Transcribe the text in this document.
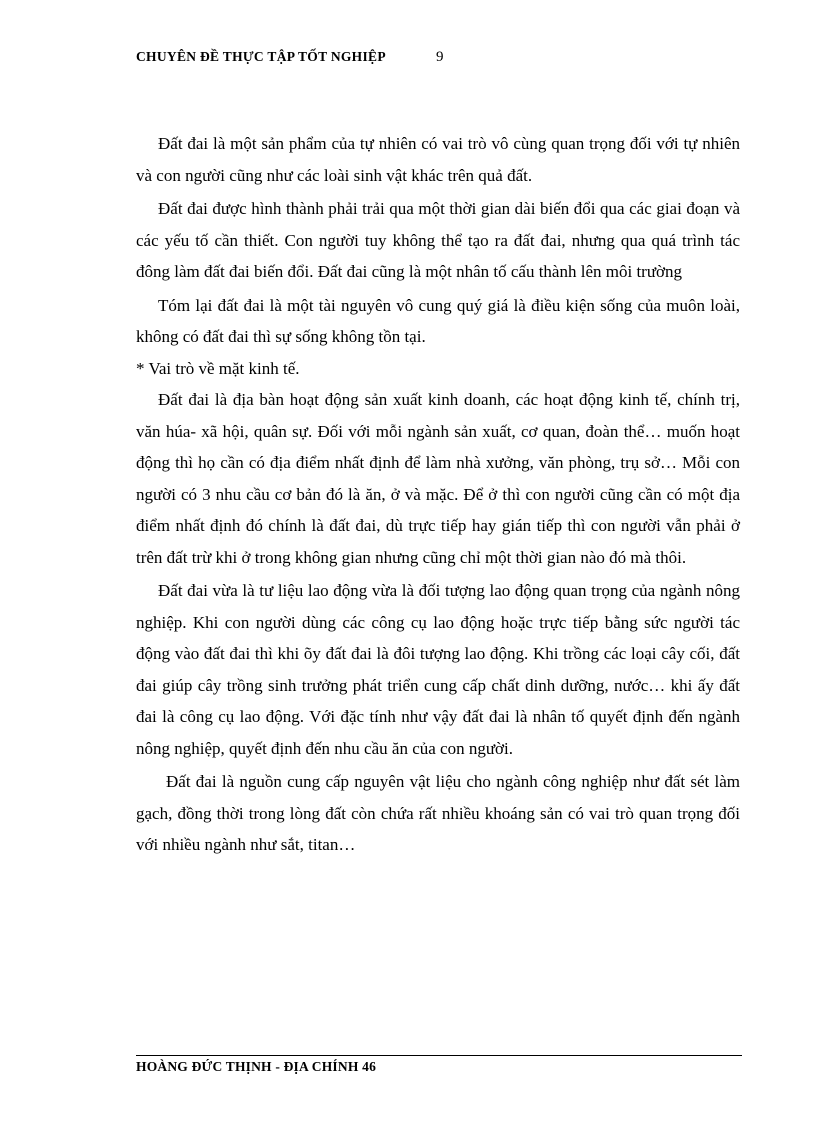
CHUYÊN ĐỀ THỰC TẬP TỐT NGHIỆP	9

Đất đai là một sản phẩm của tự nhiên có vai trò vô cùng quan trọng đối với tự nhiên và con người cũng như các loài sinh vật khác trên quả đất.

Đất đai được hình thành phải trải qua một thời gian dài biến đổi qua các giai đoạn và các yếu tố cần thiết. Con người tuy không thể tạo ra đất đai, nhưng qua quá trình tác đông làm đất đai biến đổi. Đất đai cũng là một nhân tố cấu thành lên môi trường

Tóm lại đất đai là một tài nguyên vô cung quý giá là điều kiện sống của muôn loài, không có đất đai thì sự sống không tồn tại.

* Vai trò về mặt kinh tế.

Đất đai là địa bàn hoạt động sản xuất kinh doanh, các hoạt động kinh tế, chính trị, văn húa- xã hội, quân sự. Đối với mỗi ngành sản xuất, cơ quan, đoàn thể… muốn hoạt động thì họ cần có địa điểm nhất định để làm nhà xưởng, văn phòng, trụ sở… Mỗi con người có 3 nhu cầu cơ bản đó là ăn, ở và mặc. Để ở thì con người cũng cần có một địa điểm nhất định đó chính là đất đai, dù trực tiếp hay gián tiếp thì con người vẫn phải ở trên đất trừ khi ở trong không gian nhưng cũng chỉ một thời gian nào đó mà thôi.

Đất đai vừa là tư liệu lao động vừa là đối tượng lao động quan trọng của ngành nông nghiệp. Khi con người dùng các công cụ lao động hoặc trực tiếp bằng sức người tác động vào đất đai thì khi õy đất đai là đôi tượng lao động. Khi trồng các loại cây cối, đất đai giúp cây trồng sinh trưởng phát triển cung cấp chất dinh dưỡng, nước… khi ấy đất đai là công cụ lao động. Với đặc tính như vậy đất đai là nhân tố quyết định đến ngành nông nghiệp, quyết định đến nhu cầu ăn của con người.

Đất đai là nguồn cung cấp nguyên vật liệu cho ngành công nghiệp như đất sét làm gạch, đồng thời trong lòng đất còn chứa rất nhiều khoáng sản có vai trò quan trọng đối với nhiều ngành như sắt, titan…

HOÀNG ĐỨC THỊNH - ĐỊA CHÍNH 46
